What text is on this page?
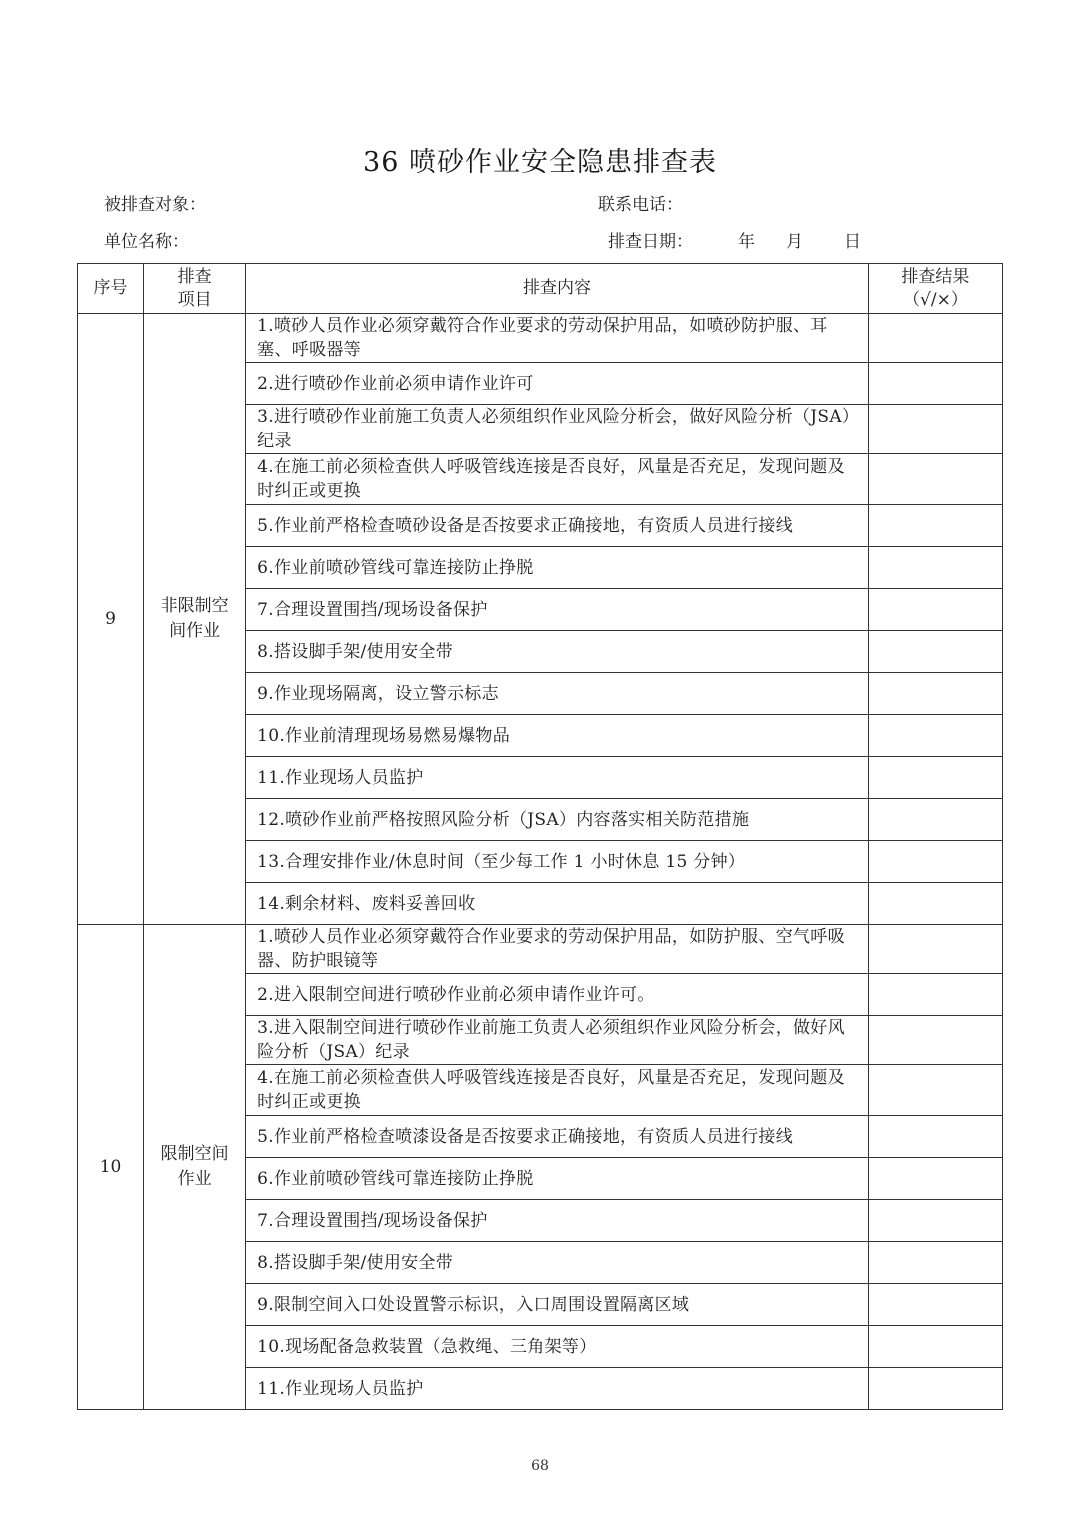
36 喷砂作业安全隐患排查表
被排查对象：	联系电话：
单位名称：	排查日期：	年 月 日
序号	排查项目	排查内容	排查结果（√/×）
9	非限制空间作业	1.喷砂人员作业必须穿戴符合作业要求的劳动保护用品，如喷砂防护服、耳塞、呼吸器等	
		2.进行喷砂作业前必须申请作业许可	
		3.进行喷砂作业前施工负责人必须组织作业风险分析会，做好风险分析（JSA）纪录	
		4.在施工前必须检查供人呼吸管线连接是否良好，风量是否充足，发现问题及时纠正或更换	
		5.作业前严格检查喷砂设备是否按要求正确接地，有资质人员进行接线	
		6.作业前喷砂管线可靠连接防止挣脱	
		7.合理设置围挡/现场设备保护	
		8.搭设脚手架/使用安全带	
		9.作业现场隔离，设立警示标志	
		10.作业前清理现场易燃易爆物品	
		11.作业现场人员监护	
		12.喷砂作业前严格按照风险分析（JSA）内容落实相关防范措施	
		13.合理安排作业/休息时间（至少每工作 1 小时休息 15 分钟）	
		14.剩余材料、废料妥善回收	
10	限制空间作业	1.喷砂人员作业必须穿戴符合作业要求的劳动保护用品，如防护服、空气呼吸器、防护眼镜等	
		2.进入限制空间进行喷砂作业前必须申请作业许可。	
		3.进入限制空间进行喷砂作业前施工负责人必须组织作业风险分析会，做好风险分析（JSA）纪录	
		4.在施工前必须检查供人呼吸管线连接是否良好，风量是否充足，发现问题及时纠正或更换	
		5.作业前严格检查喷漆设备是否按要求正确接地，有资质人员进行接线	
		6.作业前喷砂管线可靠连接防止挣脱	
		7.合理设置围挡/现场设备保护	
		8.搭设脚手架/使用安全带	
		9.限制空间入口处设置警示标识，入口周围设置隔离区域	
		10.现场配备急救装置（急救绳、三角架等）	
		11.作业现场人员监护	
68
